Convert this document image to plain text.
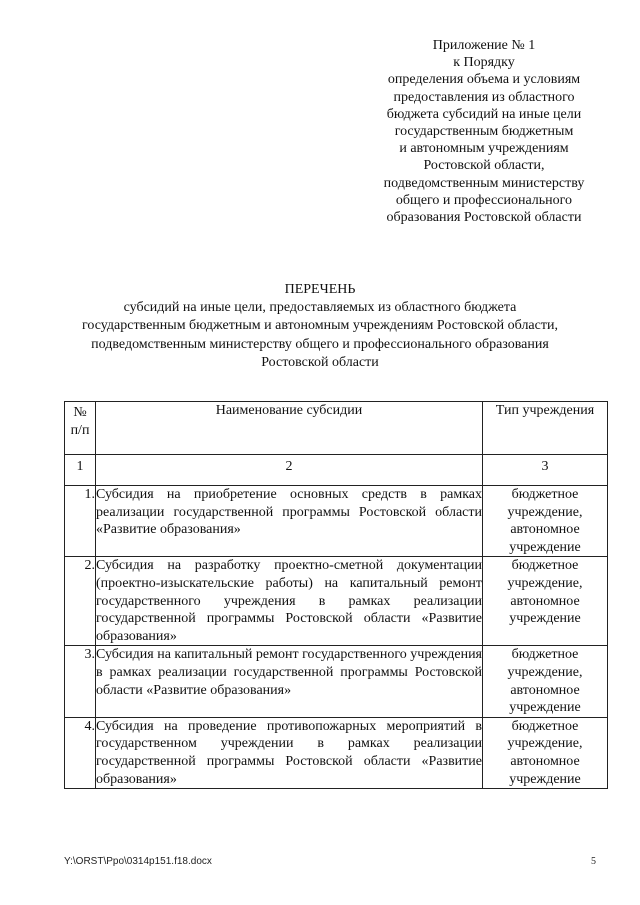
Приложение № 1
к Порядку
определения объема и условиям
предоставления из областного
бюджета субсидий на иные цели
государственным бюджетным
и автономным учреждениям
Ростовской области,
подведомственным министерству
общего и профессионального
образования Ростовской области
ПЕРЕЧЕНЬ
субсидий на иные цели, предоставляемых из областного бюджета
государственным бюджетным и автономным учреждениям Ростовской области,
подведомственным министерству общего и профессионального образования
Ростовской области
№ п/п	Наименование субсидии	Тип учреждения
1	2	3
1.	Субсидия на приобретение основных средств в рамках реализации государственной программы Ростовской области «Развитие образования»	бюджетное учреждение, автономное учреждение
2.	Субсидия на разработку проектно-сметной документации (проектно-изыскательские работы) на капитальный ремонт государственного учреждения в рамках реализации государственной программы Ростовской области «Развитие образования»	бюджетное учреждение, автономное учреждение
3.	Субсидия на капитальный ремонт государственного учреждения в рамках реализации государственной программы Ростовской области «Развитие образования»	бюджетное учреждение, автономное учреждение
4.	Субсидия на проведение противопожарных мероприятий в государственном учреждении в рамках реализации государственной программы Ростовской области «Развитие образования»	бюджетное учреждение, автономное учреждение
Y:\ORST\Ppo\0314p151.f18.docx	5
